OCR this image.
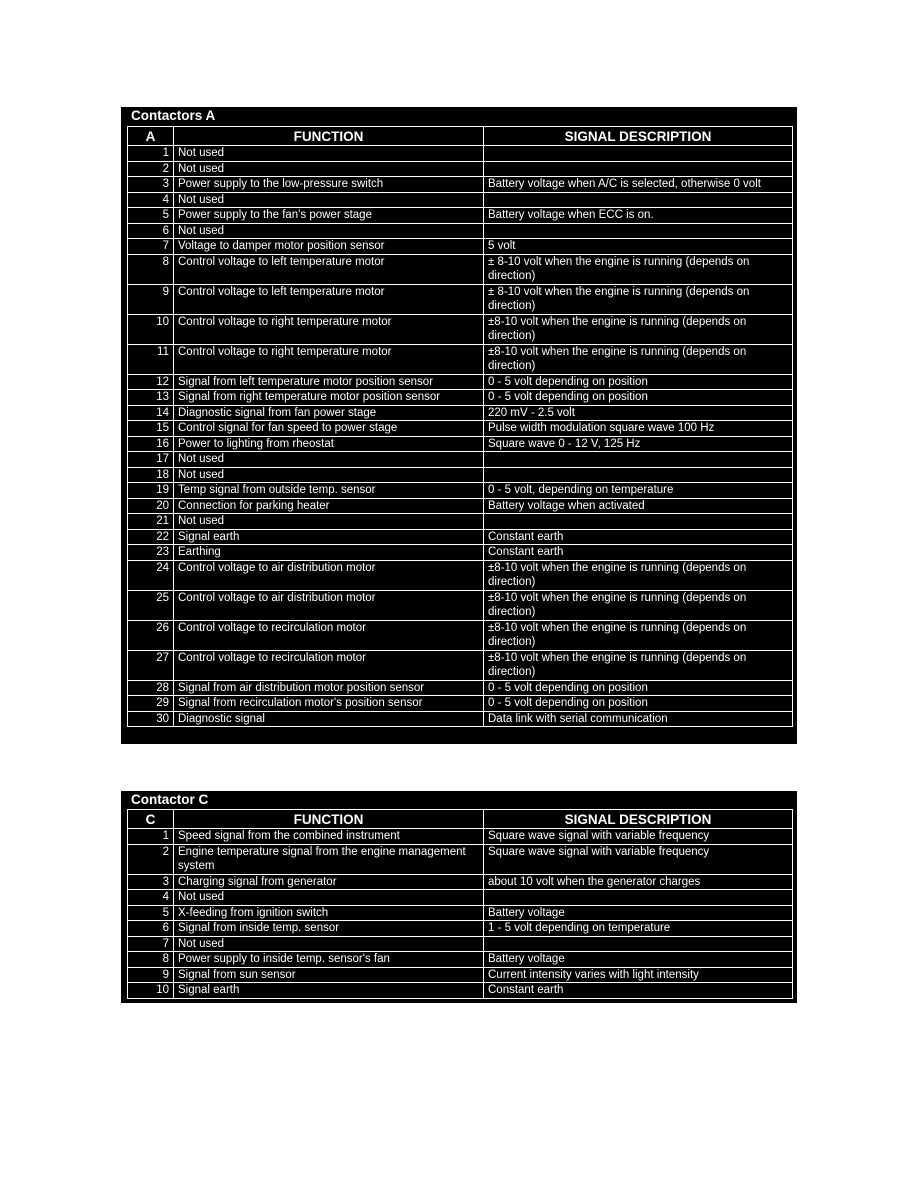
Contactors A
A	FUNCTION	SIGNAL DESCRIPTION
1	Not used	
2	Not used	
3	Power supply to the low-pressure switch	Battery voltage when A/C is selected, otherwise 0 volt
4	Not used	
5	Power supply to the fan's power stage	Battery voltage when ECC is on.
6	Not used	
7	Voltage to damper motor position sensor	5 volt
8	Control voltage to left temperature motor	± 8-10 volt when the engine is running (depends on direction)
9	Control voltage to left temperature motor	± 8-10 volt when the engine is running (depends on direction)
10	Control voltage to right temperature motor	±8-10 volt when the engine is running (depends on direction)
11	Control voltage to right temperature motor	±8-10 volt when the engine is running (depends on direction)
12	Signal from left temperature motor position sensor	0 - 5 volt depending on position
13	Signal from right temperature motor position sensor	0 - 5 volt depending on position
14	Diagnostic signal from fan power stage	220 mV - 2.5 volt
15	Control signal for fan speed to power stage	Pulse width modulation square wave 100 Hz
16	Power to lighting from rheostat	Square wave 0 - 12 V, 125 Hz
17	Not used	
18	Not used	
19	Temp signal from outside temp. sensor	0 - 5 volt, depending on temperature
20	Connection for parking heater	Battery voltage when activated
21	Not used	
22	Signal earth	Constant earth
23	Earthing	Constant earth
24	Control voltage to air distribution motor	±8-10 volt when the engine is running (depends on direction)
25	Control voltage to air distribution motor	±8-10 volt when the engine is running (depends on direction)
26	Control voltage to recirculation motor	±8-10 volt when the engine is running (depends on direction)
27	Control voltage to recirculation motor	±8-10 volt when the engine is running (depends on direction)
28	Signal from air distribution motor position sensor	0 - 5 volt depending on position
29	Signal from recirculation motor's position sensor	0 - 5 volt depending on position
30	Diagnostic signal	Data link with serial communication
Contactor C
C	FUNCTION	SIGNAL DESCRIPTION
1	Speed signal from the combined instrument	Square wave signal with variable frequency
2	Engine temperature signal from the engine management system	Square wave signal with variable frequency
3	Charging signal from generator	about 10 volt when the generator charges
4	Not used	
5	X-feeding from ignition switch	Battery voltage
6	Signal from inside temp. sensor	1 - 5 volt depending on temperature
7	Not used	
8	Power supply to inside temp. sensor's fan	Battery voltage
9	Signal from sun sensor	Current intensity varies with light intensity
10	Signal earth	Constant earth
